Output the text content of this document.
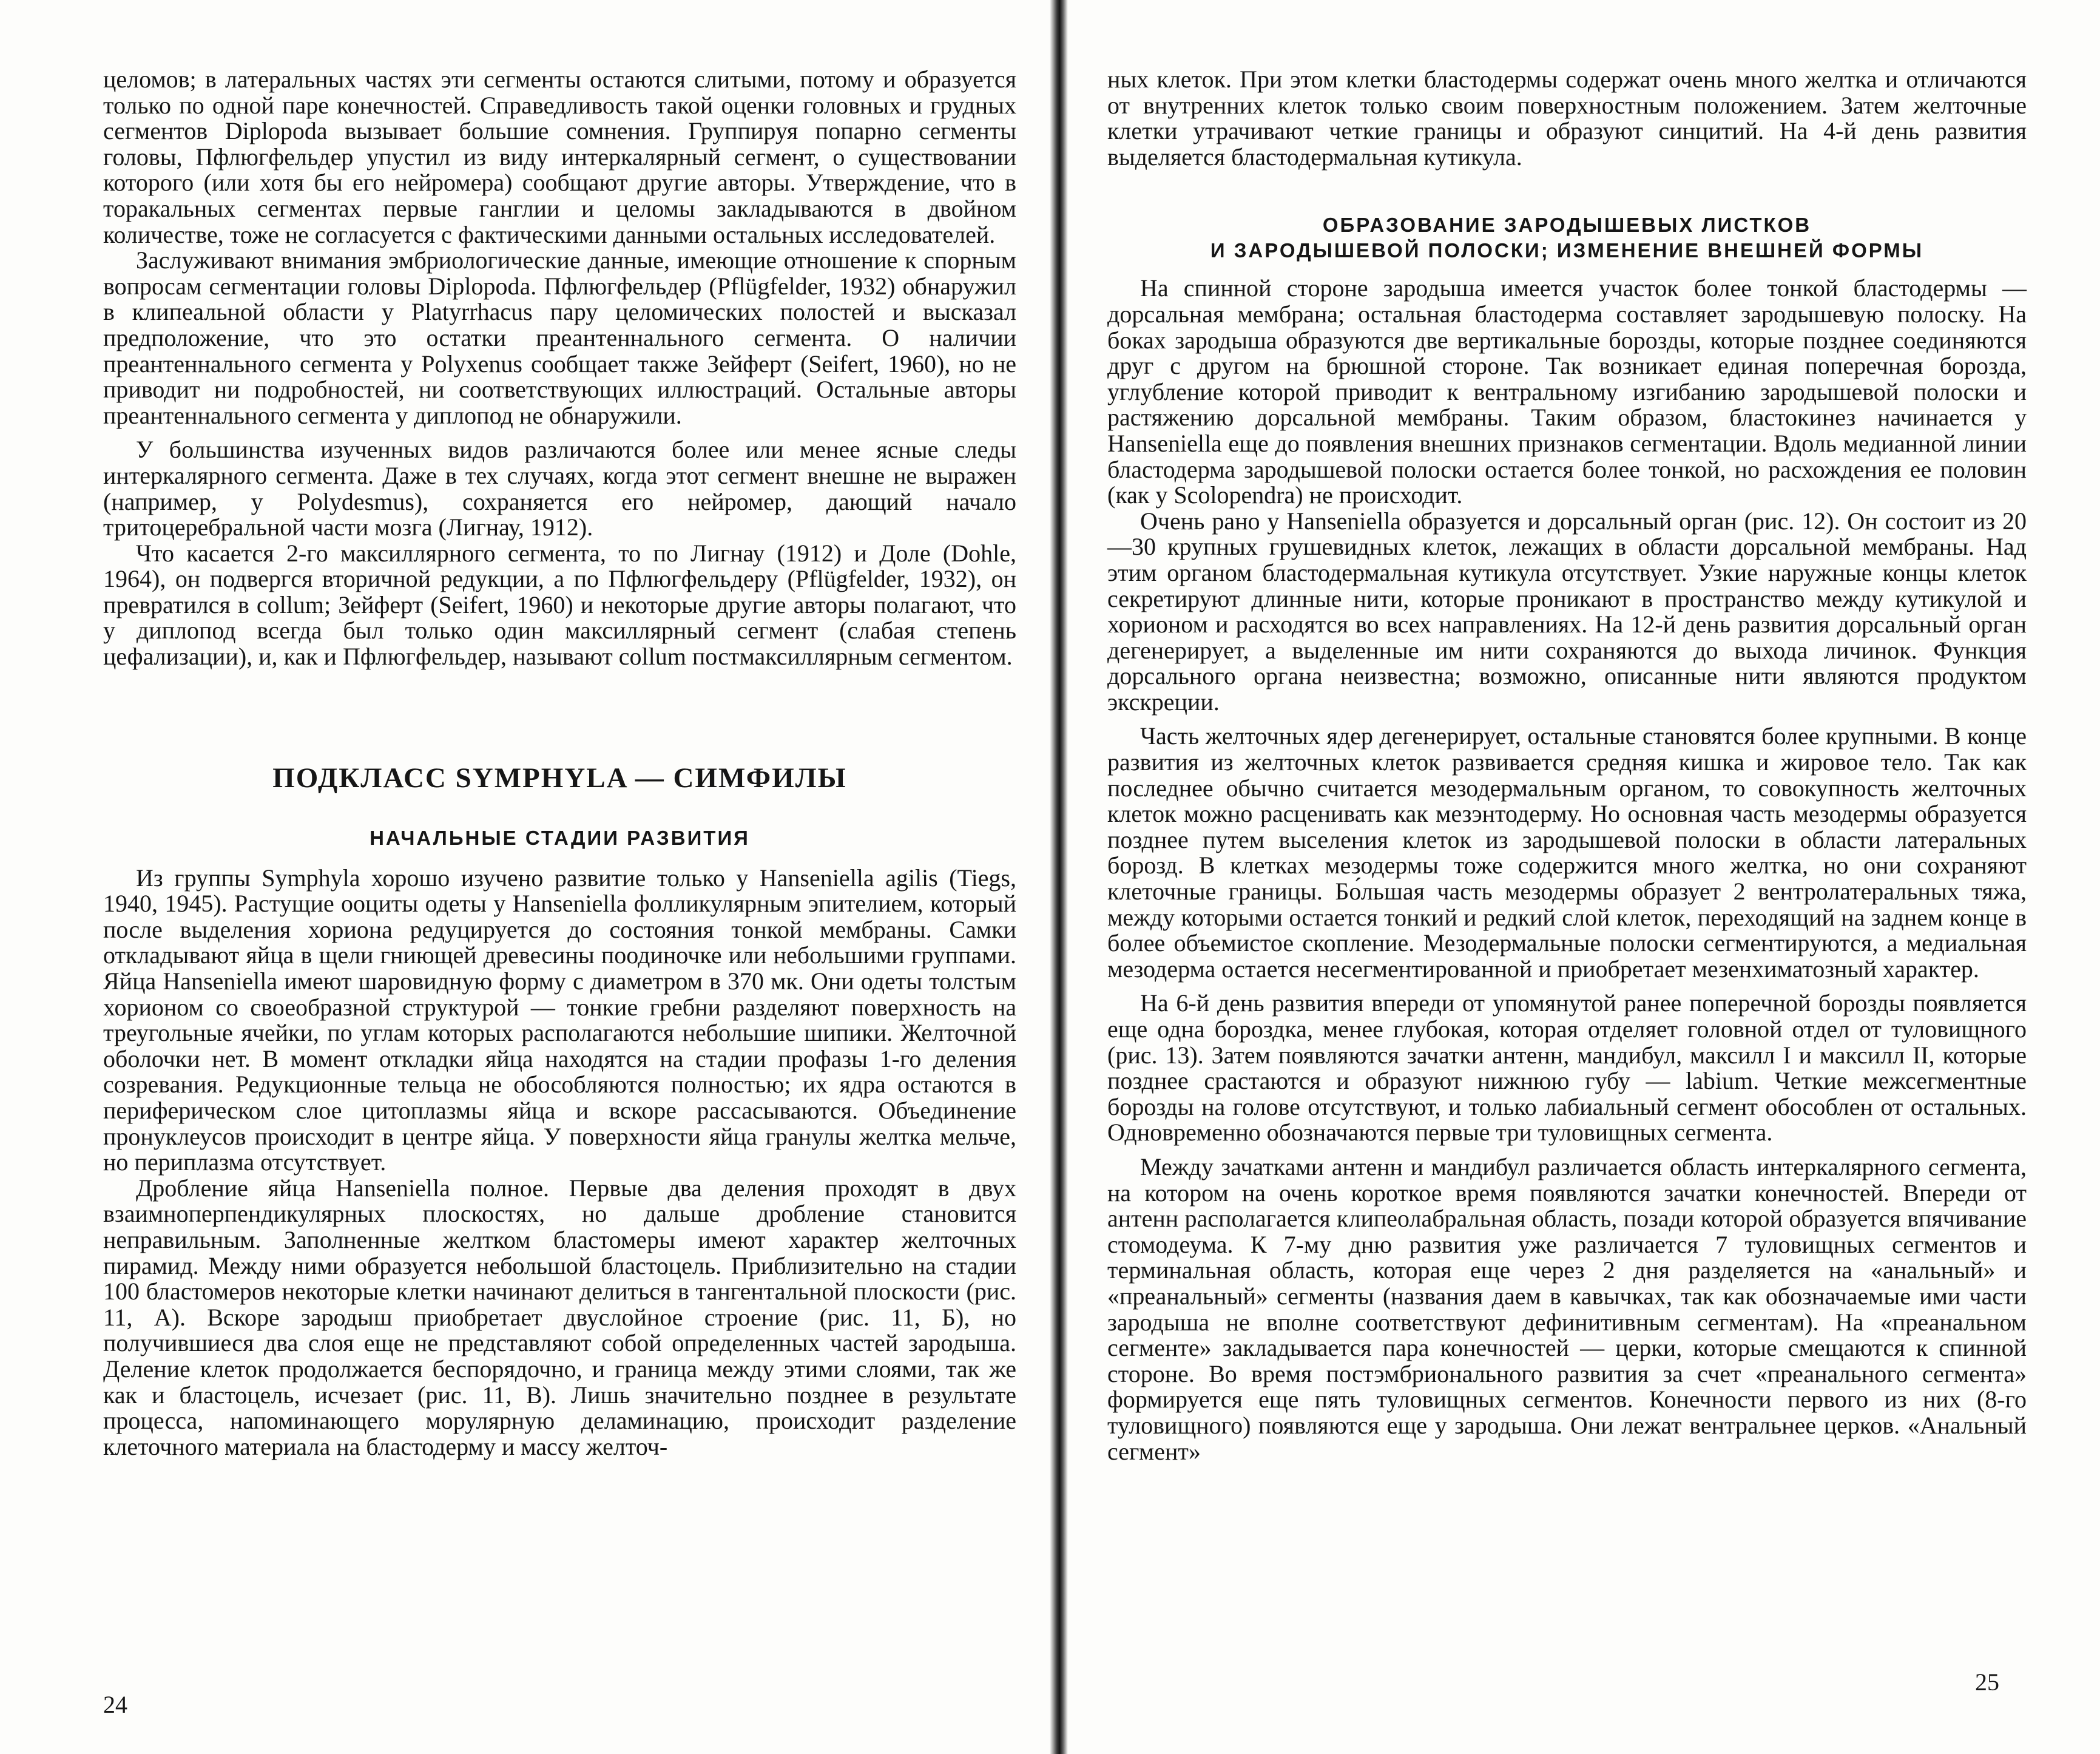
целомов; в латеральных частях эти сегменты остаются слитыми, потому и образуется только по одной паре конечностей. Справедливость такой оценки головных и грудных сегментов Diplopoda вызывает большие сомнения. Группируя попарно сегменты головы, Пфлюгфельдер упустил из виду интеркалярный сегмент, о существовании которого (или хотя бы его нейромера) сообщают другие авторы. Утверждение, что в торакальных сегментах первые ганглии и целомы закладываются в двойном количестве, тоже не согласуется с фактическими данными остальных исследователей.

Заслуживают внимания эмбриологические данные, имеющие отношение к спорным вопросам сегментации головы Diplopoda. Пфлюгфельдер (Pflügfelder, 1932) обнаружил в клипеальной области у Platyrrhacus пару целомических полостей и высказал предположение, что это остатки преантеннального сегмента. О наличии преантеннального сегмента у Polyxenus сообщает также Зейферт (Seifert, 1960), но не приводит ни подробностей, ни соответствующих иллюстраций. Остальные авторы преантеннального сегмента у диплопод не обнаружили.

У большинства изученных видов различаются более или менее ясные следы интеркалярного сегмента. Даже в тех случаях, когда этот сегмент внешне не выражен (например, у Polydesmus), сохраняется его нейромер, дающий начало тритоцеребральной части мозга (Лигнау, 1912).

Что касается 2-го максиллярного сегмента, то по Лигнау (1912) и Доле (Dohle, 1964), он подвергся вторичной редукции, а по Пфлюгфельдеру (Pflügfelder, 1932), он превратился в collum; Зейферт (Seifert, 1960) и некоторые другие авторы полагают, что у диплопод всегда был только один максиллярный сегмент (слабая степень цефализации), и, как и Пфлюгфельдер, называют collum постмаксиллярным сегментом.

ПОДКЛАСС SYMPHYLA — СИМФИЛЫ
НАЧАЛЬНЫЕ СТАДИИ РАЗВИТИЯ

Из группы Symphyla хорошо изучено развитие только у Hanseniella agilis (Tiegs, 1940, 1945). Растущие ооциты одеты у Hanseniella фолликулярным эпителием, который после выделения хориона редуцируется до состояния тонкой мембраны. Самки откладывают яйца в щели гниющей древесины поодиночке или небольшими группами. Яйца Hanseniella имеют шаровидную форму с диаметром в 370 мк. Они одеты толстым хорионом со своеобразной структурой — тонкие гребни разделяют поверхность на треугольные ячейки, по углам которых располагаются небольшие шипики. Желточной оболочки нет. В момент откладки яйца находятся на стадии профазы 1-го деления созревания. Редукционные тельца не обособляются полностью; их ядра остаются в периферическом слое цитоплазмы яйца и вскоре рассасываются. Объединение пронуклеусов происходит в центре яйца. У поверхности яйца гранулы желтка мельче, но периплазма отсутствует.

Дробление яйца Hanseniella полное. Первые два деления проходят в двух взаимноперпендикулярных плоскостях, но дальше дробление становится неправильным. Заполненные желтком бластомеры имеют характер желточных пирамид. Между ними образуется небольшой бластоцель. Приблизительно на стадии 100 бластомеров некоторые клетки начинают делиться в тангентальной плоскости (рис. 11, А). Вскоре зародыш приобретает двуслойное строение (рис. 11, Б), но получившиеся два слоя еще не представляют собой определенных частей зародыша. Деление клеток продолжается беспорядочно, и граница между этими слоями, так же как и бластоцель, исчезает (рис. 11, В). Лишь значительно позднее в результате процесса, напоминающего морулярную деламинацию, происходит разделение клеточного материала на бластодерму и массу желточ-

24

ных клеток. При этом клетки бластодермы содержат очень много желтка и отличаются от внутренних клеток только своим поверхностным положением. Затем желточные клетки утрачивают четкие границы и образуют синцитий. На 4-й день развития выделяется бластодермальная кутикула.

ОБРАЗОВАНИЕ ЗАРОДЫШЕВЫХ ЛИСТКОВ
И ЗАРОДЫШЕВОЙ ПОЛОСКИ; ИЗМЕНЕНИЕ ВНЕШНЕЙ ФОРМЫ

На спинной стороне зародыша имеется участок более тонкой бластодермы — дорсальная мембрана; остальная бластодерма составляет зародышевую полоску. На боках зародыша образуются две вертикальные борозды, которые позднее соединяются друг с другом на брюшной стороне. Так возникает единая поперечная борозда, углубление которой приводит к вентральному изгибанию зародышевой полоски и растяжению дорсальной мембраны. Таким образом, бластокинез начинается у Hanseniella еще до появления внешних признаков сегментации. Вдоль медианной линии бластодерма зародышевой полоски остается более тонкой, но расхождения ее половин (как у Scolopendra) не происходит.

Очень рано у Hanseniella образуется и дорсальный орган (рис. 12). Он состоит из 20—30 крупных грушевидных клеток, лежащих в области дорсальной мембраны. Над этим органом бластодермальная кутикула отсутствует. Узкие наружные концы клеток секретируют длинные нити, которые проникают в пространство между кутикулой и хорионом и расходятся во всех направлениях. На 12-й день развития дорсальный орган дегенерирует, а выделенные им нити сохраняются до выхода личинок. Функция дорсального органа неизвестна; возможно, описанные нити являются продуктом экскреции.

Часть желточных ядер дегенерирует, остальные становятся более крупными. В конце развития из желточных клеток развивается средняя кишка и жировое тело. Так как последнее обычно считается мезодермальным органом, то совокупность желточных клеток можно расценивать как мезэнтодерму. Но основная часть мезодермы образуется позднее путем выселения клеток из зародышевой полоски в области латеральных борозд. В клетках мезодермы тоже содержится много желтка, но они сохраняют клеточные границы. Бо́льшая часть мезодермы образует 2 вентролатеральных тяжа, между которыми остается тонкий и редкий слой клеток, переходящий на заднем конце в более объемистое скопление. Мезодермальные полоски сегментируются, а медиальная мезодерма остается несегментированной и приобретает мезенхиматозный характер.

На 6-й день развития впереди от упомянутой ранее поперечной борозды появляется еще одна бороздка, менее глубокая, которая отделяет головной отдел от туловищного (рис. 13). Затем появляются зачатки антенн, мандибул, максилл I и максилл II, которые позднее срастаются и образуют нижнюю губу — labium. Четкие межсегментные борозды на голове отсутствуют, и только лабиальный сегмент обособлен от остальных. Одновременно обозначаются первые три туловищных сегмента.

Между зачатками антенн и мандибул различается область интеркалярного сегмента, на котором на очень короткое время появляются зачатки конечностей. Впереди от антенн располагается клипеолабральная область, позади которой образуется впячивание стомодеума. К 7-му дню развития уже различается 7 туловищных сегментов и терминальная область, которая еще через 2 дня разделяется на «анальный» и «преанальный» сегменты (названия даем в кавычках, так как обозначаемые ими части зародыша не вполне соответствуют дефинитивным сегментам). На «преанальном сегменте» закладывается пара конечностей — церки, которые смещаются к спинной стороне. Во время постэмбрионального развития за счет «преанального сегмента» формируется еще пять туловищных сегментов. Конечности первого из них (8-го туловищного) появляются еще у зародыша. Они лежат вентральнее церков. «Анальный сегмент»

25
